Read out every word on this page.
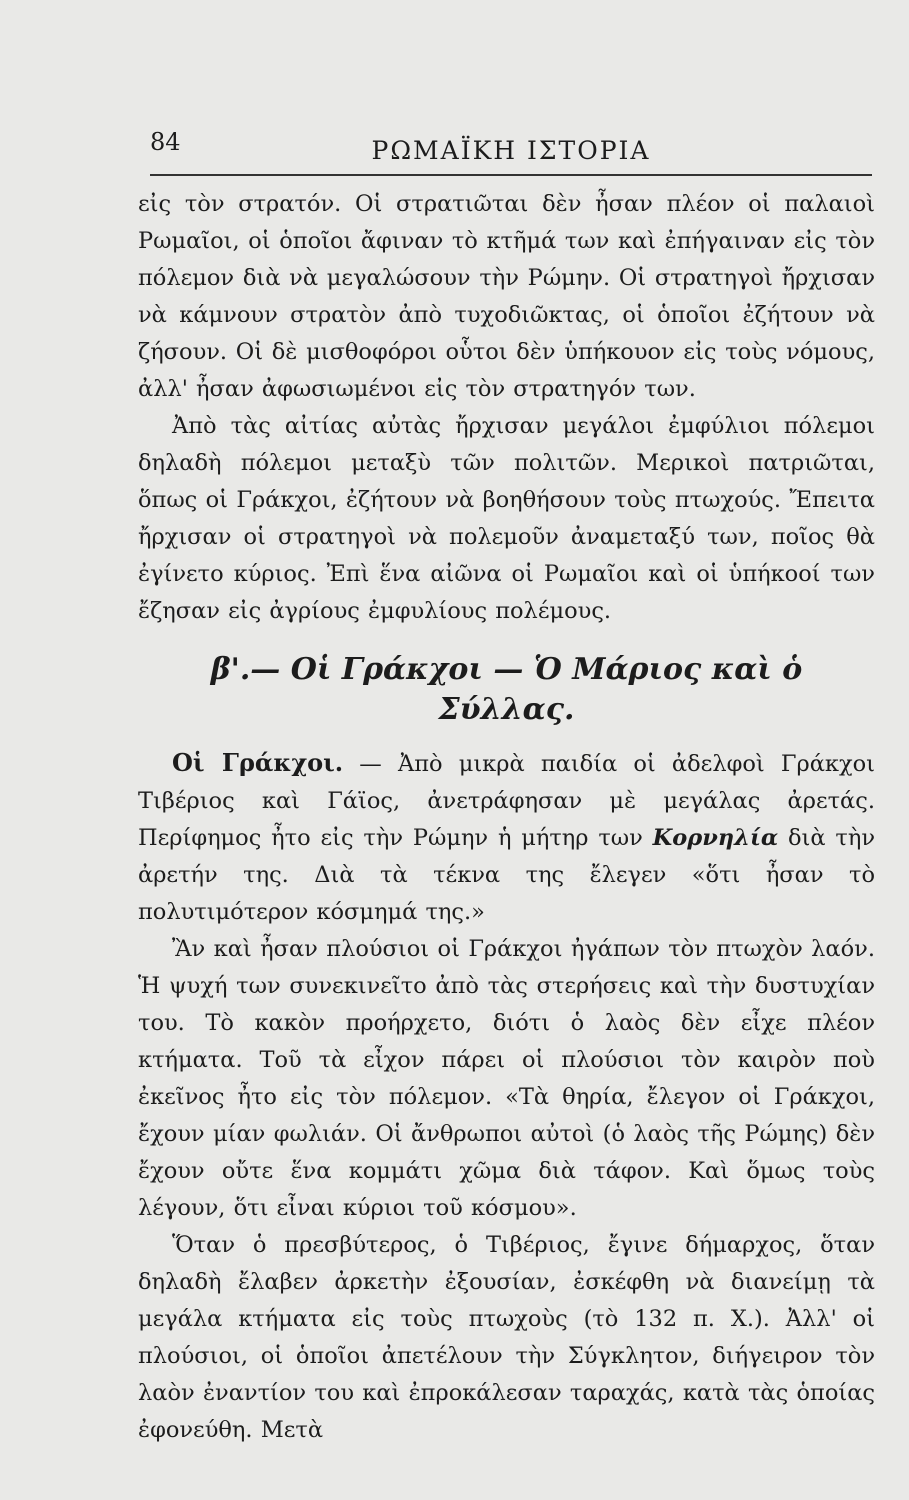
84	ΡΩΜΑΪΚΗ ΙΣΤΟΡΙΑ

εἰς τὸν στρατόν. Οἱ στρατιῶται δὲν ἦσαν πλέον οἱ παλαιοὶ Ρωμαῖοι, οἱ ὁποῖοι ἄφιναν τὸ κτῆμά των καὶ ἐπήγαιναν εἰς τὸν πόλεμον διὰ νὰ μεγαλώσουν τὴν Ρώμην. Οἱ στρατηγοὶ ἤρχισαν νὰ κάμνουν στρατὸν ἀπὸ τυχοδιῶκτας, οἱ ὁποῖοι ἐζήτουν νὰ ζήσουν. Οἱ δὲ μισθοφόροι οὗτοι δὲν ὑπήκουον εἰς τοὺς νόμους, ἀλλ' ἦσαν ἀφωσιωμένοι εἰς τὸν στρατηγόν των.

Ἀπὸ τὰς αἰτίας αὐτὰς ἤρχισαν μεγάλοι ἐμφύλιοι πόλεμοι δηλαδὴ πόλεμοι μεταξὺ τῶν πολιτῶν. Μερικοὶ πατριῶται, ὅπως οἱ Γράκχοι, ἐζήτουν νὰ βοηθήσουν τοὺς πτωχούς. Ἔπειτα ἤρχισαν οἱ στρατηγοὶ νὰ πολεμοῦν ἀναμεταξύ των, ποῖος θὰ ἐγίνετο κύριος. Ἐπὶ ἕνα αἰῶνα οἱ Ρωμαῖοι καὶ οἱ ὑπήκοοί των ἔζησαν εἰς ἀγρίους ἐμφυλίους πολέμους.

β'.— Οἱ Γράκχοι — Ὁ Μάριος καὶ ὁ Σύλλας.

Οἱ Γράκχοι. — Ἀπὸ μικρὰ παιδία οἱ ἀδελφοὶ Γράκχοι Τιβέριος καὶ Γάϊος, ἀνετράφησαν μὲ μεγάλας ἀρετάς. Περίφημος ἦτο εἰς τὴν Ρώμην ἡ μήτηρ των Κορνηλία διὰ τὴν ἀρετήν της. Διὰ τὰ τέκνα της ἔλεγεν «ὅτι ἦσαν τὸ πολυτιμότερον κόσμημά της.»

Ἂν καὶ ἦσαν πλούσιοι οἱ Γράκχοι ἠγάπων τὸν πτωχὸν λαόν. Ἡ ψυχή των συνεκινεῖτο ἀπὸ τὰς στερήσεις καὶ τὴν δυστυχίαν του. Τὸ κακὸν προήρχετο, διότι ὁ λαὸς δὲν εἶχε πλέον κτήματα. Τοῦ τὰ εἶχον πάρει οἱ πλούσιοι τὸν καιρὸν ποὺ ἐκεῖνος ἦτο εἰς τὸν πόλεμον. «Τὰ θηρία, ἔλεγον οἱ Γράκχοι, ἔχουν μίαν φωλιάν. Οἱ ἄνθρωποι αὐτοὶ (ὁ λαὸς τῆς Ρώμης) δὲν ἔχουν οὔτε ἕνα κομμάτι χῶμα διὰ τάφον. Καὶ ὅμως τοὺς λέγουν, ὅτι εἶναι κύριοι τοῦ κόσμου».

Ὅταν ὁ πρεσβύτερος, ὁ Τιβέριος, ἔγινε δήμαρχος, ὅταν δηλαδὴ ἔλαβεν ἀρκετὴν ἐξουσίαν, ἐσκέφθη νὰ διανείμῃ τὰ μεγάλα κτήματα εἰς τοὺς πτωχοὺς (τὸ 132 π. Χ.). Ἀλλ' οἱ πλούσιοι, οἱ ὁποῖοι ἀπετέλουν τὴν Σύγκλητον, διήγειρον τὸν λαὸν ἐναντίον του καὶ ἐπροκάλεσαν ταραχάς, κατὰ τὰς ὁποίας ἐφονεύθη. Μετὰ
